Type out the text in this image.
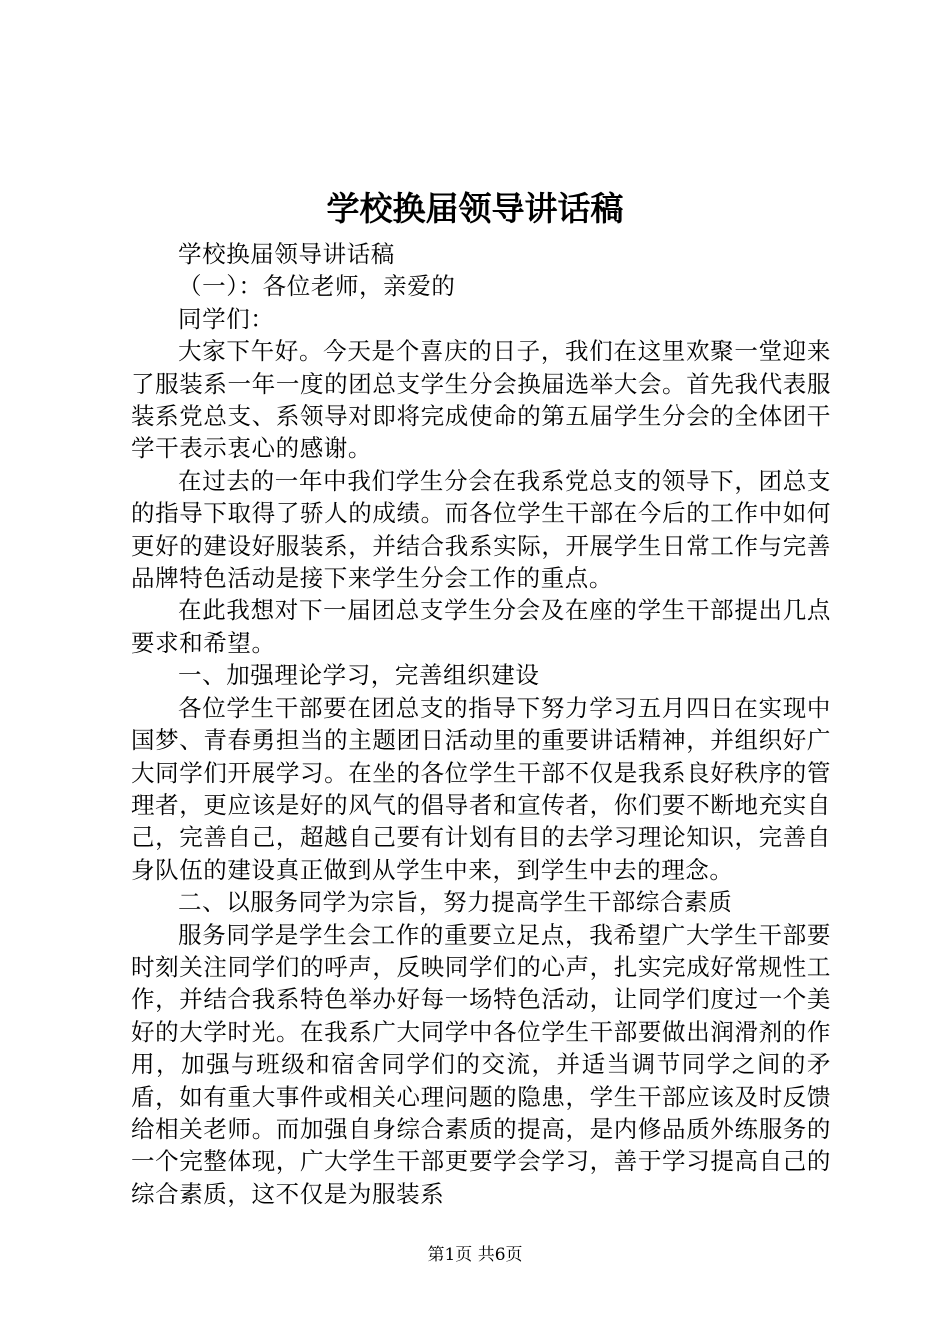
学校换届领导讲话稿

学校换届领导讲话稿

（一）：各位老师，亲爱的

同学们：

大家下午好。今天是个喜庆的日子，我们在这里欢聚一堂迎来了服装系一年一度的团总支学生分会换届选举大会。首先我代表服装系党总支、系领导对即将完成使命的第五届学生分会的全体团干学干表示衷心的感谢。

在过去的一年中我们学生分会在我系党总支的领导下，团总支的指导下取得了骄人的成绩。而各位学生干部在今后的工作中如何更好的建设好服装系，并结合我系实际，开展学生日常工作与完善品牌特色活动是接下来学生分会工作的重点。

在此我想对下一届团总支学生分会及在座的学生干部提出几点要求和希望。

一、加强理论学习，完善组织建设

各位学生干部要在团总支的指导下努力学习五月四日在实现中国梦、青春勇担当的主题团日活动里的重要讲话精神，并组织好广大同学们开展学习。在坐的各位学生干部不仅是我系良好秩序的管理者，更应该是好的风气的倡导者和宣传者，你们要不断地充实自己，完善自己，超越自己要有计划有目的去学习理论知识，完善自身队伍的建设真正做到从学生中来，到学生中去的理念。

二、以服务同学为宗旨，努力提高学生干部综合素质

服务同学是学生会工作的重要立足点，我希望广大学生干部要时刻关注同学们的呼声，反映同学们的心声，扎实完成好常规性工作，并结合我系特色举办好每一场特色活动，让同学们度过一个美好的大学时光。在我系广大同学中各位学生干部要做出润滑剂的作用，加强与班级和宿舍同学们的交流，并适当调节同学之间的矛盾，如有重大事件或相关心理问题的隐患，学生干部应该及时反馈给相关老师。而加强自身综合素质的提高，是内修品质外练服务的一个完整体现，广大学生干部更要学会学习，善于学习提高自己的综合素质，这不仅是为服装系

第1页 共6页
